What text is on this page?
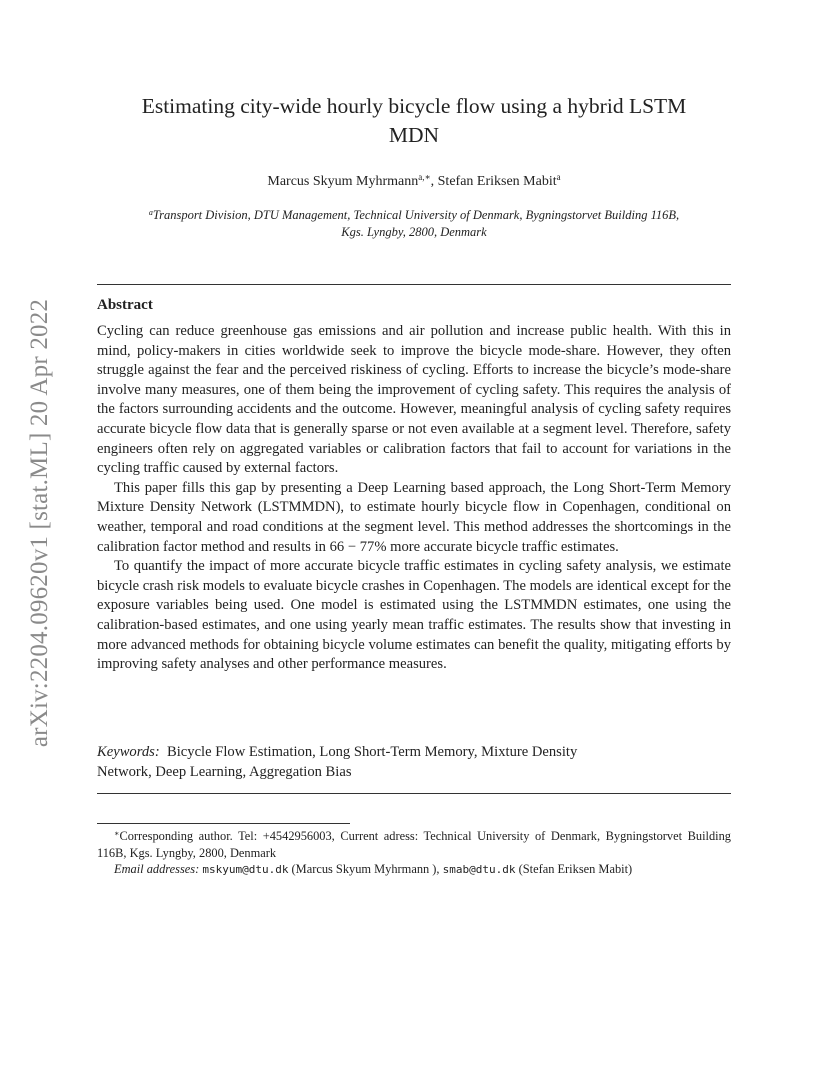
arXiv:2204.09620v1 [stat.ML] 20 Apr 2022
Estimating city-wide hourly bicycle flow using a hybrid LSTM
MDN
Marcus Skyum Myhrmann$^{a,∗}$, Stefan Eriksen Mabit$^a$
$^a$Transport Division, DTU Management, Technical University of Denmark, Bygningstorvet Building 116B,
Kgs. Lyngby, 2800, Denmark
Abstract

Cycling can reduce greenhouse gas emissions and air pollution and increase public health. With this in mind, policy-makers in cities worldwide seek to improve the bicycle mode-share. However, they often struggle against the fear and the perceived riskiness of cycling. Efforts to increase the bicycle’s mode-share involve many measures, one of them being the improvement of cycling safety. This requires the analysis of the factors surrounding accidents and the outcome. However, meaningful analysis of cycling safety requires accurate bicycle flow data that is generally sparse or not even available at a segment level. Therefore, safety engineers often rely on aggregated variables or calibration factors that fail to account for variations in the cycling traffic caused by external factors.

This paper fills this gap by presenting a Deep Learning based approach, the Long Short-Term Memory Mixture Density Network (LSTMMDN), to estimate hourly bicycle flow in Copenhagen, conditional on weather, temporal and road conditions at the segment level. This method addresses the shortcomings in the calibration factor method and results in 66 − 77% more accurate bicycle traffic estimates.

To quantify the impact of more accurate bicycle traffic estimates in cycling safety analysis, we estimate bicycle crash risk models to evaluate bicycle crashes in Copenhagen. The models are identical except for the exposure variables being used. One model is estimated using the LSTMMDN estimates, one using the calibration-based estimates, and one using yearly mean traffic estimates. The results show that investing in more advanced methods for obtaining bicycle volume estimates can benefit the quality, mitigating efforts by improving safety analyses and other performance measures.

Keywords: Bicycle Flow Estimation, Long Short-Term Memory, Mixture Density
Network, Deep Learning, Aggregation Bias

∗Corresponding author. Tel: +4542956003, Current adress: Technical University of Denmark, Bygningstorvet Building 116B, Kgs. Lyngby, 2800, Denmark

Email addresses: mskyum@dtu.dk (Marcus Skyum Myhrmann ), smab@dtu.dk (Stefan Eriksen Mabit)
